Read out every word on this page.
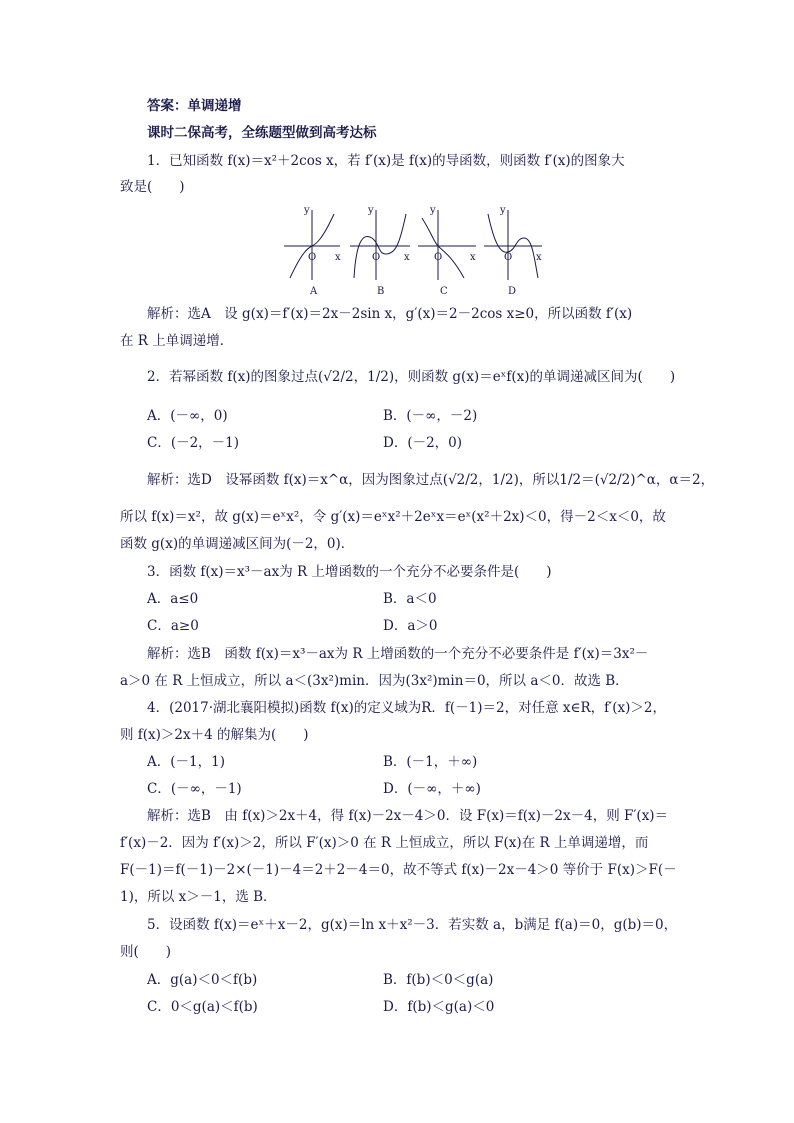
答案：单调递增
课时二保高考，全练题型做到高考达标
1．已知函数 f(x)＝x²＋2cos x，若 f′(x)是 f(x)的导函数，则函数 f′(x)的图象大
致是(　　)
y
x
O
A
y
x
O
B
y
x
O
C
y
x
O
D
解析：选A　设 g(x)＝f′(x)＝2x－2sin x，g′(x)＝2－2cos x≥0，所以函数 f′(x)
在 R 上单调递增．
2．若幂函数 f(x)的图象过点(√2/2，1/2)，则函数 g(x)＝eˣf(x)的单调递减区间为(　　)
A．(－∞，0)	B．(－∞，－2)
C．(－2，－1)	D．(－2，0)
解析：选D　设幂函数 f(x)＝x^α，因为图象过点(√2/2，1/2)，所以1/2＝(√2/2)^α，α＝2，
所以 f(x)＝x²，故 g(x)＝eˣx²，令 g′(x)＝eˣx²＋2eˣx＝eˣ(x²＋2x)＜0，得－2＜x＜0，故
函数 g(x)的单调递减区间为(－2，0)．
3．函数 f(x)＝x³－ax为 R 上增函数的一个充分不必要条件是(　　)
A．a≤0	B．a＜0
C．a≥0	D．a＞0
解析：选B　函数 f(x)＝x³－ax为 R 上增函数的一个充分不必要条件是 f′(x)＝3x²－
a＞0 在 R 上恒成立，所以 a＜(3x²)min．因为(3x²)min＝0，所以 a＜0．故选 B．
4．(2017·湖北襄阳模拟)函数 f(x)的定义域为R．f(－1)＝2，对任意 x∈R，f′(x)＞2，
则 f(x)＞2x＋4 的解集为(　　)
A．(－1，1)	B．(－1，＋∞)
C．(－∞，－1)	D．(－∞，＋∞)
解析：选B　由 f(x)＞2x＋4，得 f(x)－2x－4＞0．设 F(x)＝f(x)－2x－4，则 F′(x)＝
f′(x)－2．因为 f′(x)＞2，所以 F′(x)＞0 在 R 上恒成立，所以 F(x)在 R 上单调递增，而
F(－1)＝f(－1)－2×(－1)－4＝2＋2－4＝0，故不等式 f(x)－2x－4＞0 等价于 F(x)＞F(－
1)，所以 x＞－1，选 B．
5．设函数 f(x)＝eˣ＋x－2，g(x)＝ln x＋x²－3．若实数 a，b满足 f(a)＝0，g(b)＝0，
则(　　)
A．g(a)＜0＜f(b)	B．f(b)＜0＜g(a)
C．0＜g(a)＜f(b)	D．f(b)＜g(a)＜0
